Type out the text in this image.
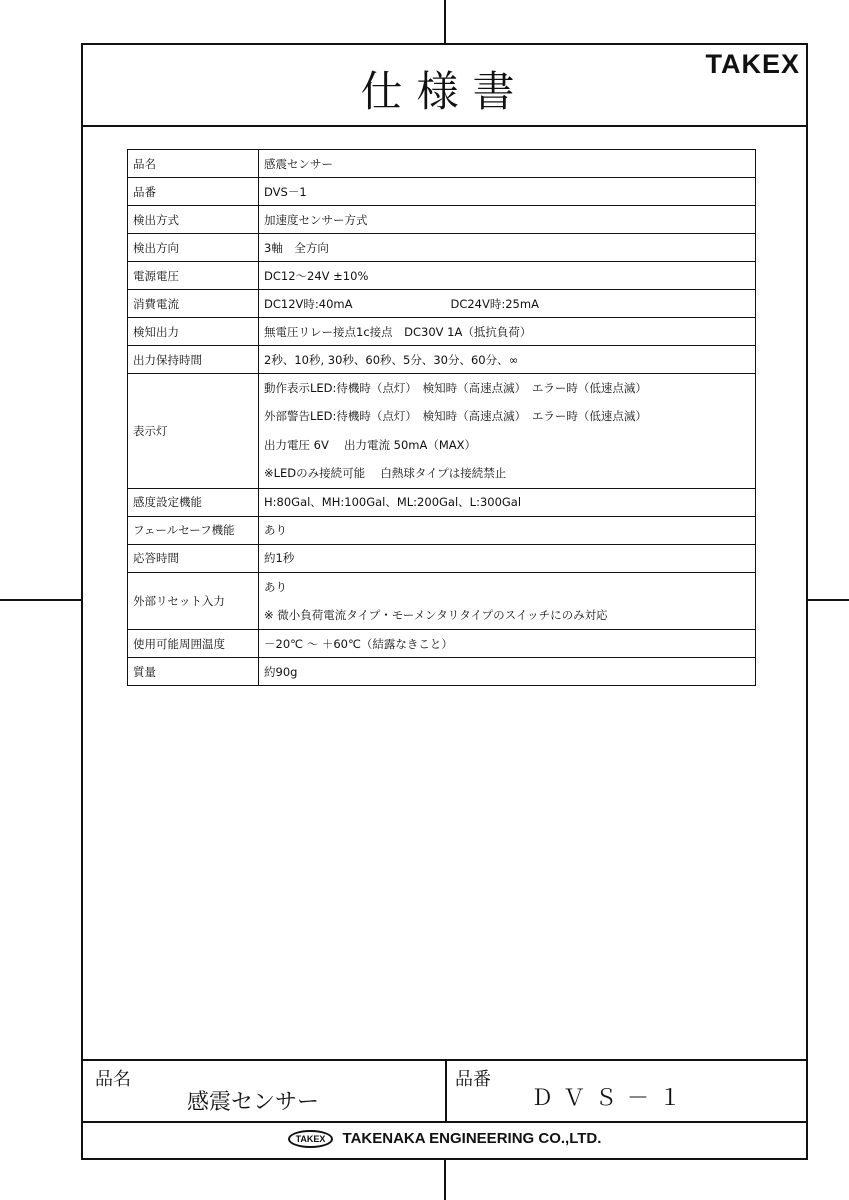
仕様書
TAKEX
品名	感震センサー
品番	DVS－1
検出方式	加速度センサー方式
検出方向	3軸　全方向
電源電圧	DC12～24V ±10%
消費電流	DC12V時:40mA DC24V時:25mA
検知出力	無電圧リレー接点1c接点　DC30V 1A（抵抗負荷）
出力保持時間	2秒、10秒, 30秒、60秒、5分、30分、60分、∞
表示灯	動作表示LED:待機時（点灯）　検知時（高速点滅）　エラー時（低速点滅）
外部警告LED:待機時（点灯）　検知時（高速点滅）　エラー時（低速点滅）
出力電圧 6V　 出力電流 50mA（MAX）
※LEDのみ接続可能　 白熱球タイプは接続禁止

感度設定機能	H:80Gal、MH:100Gal、ML:200Gal、L:300Gal
フェールセーフ機能	あり
応答時間	約1秒
外部リセット入力	あり
※ 微小負荷電流タイプ・モーメンタリタイプのスイッチにのみ対応

使用可能周囲温度	－20℃ ～ ＋60℃（結露なきこと）
質量	約90g
品名
感震センサー
品番
ＤＶＳ－１
TAKEX TAKENAKA ENGINEERING CO.,LTD.
